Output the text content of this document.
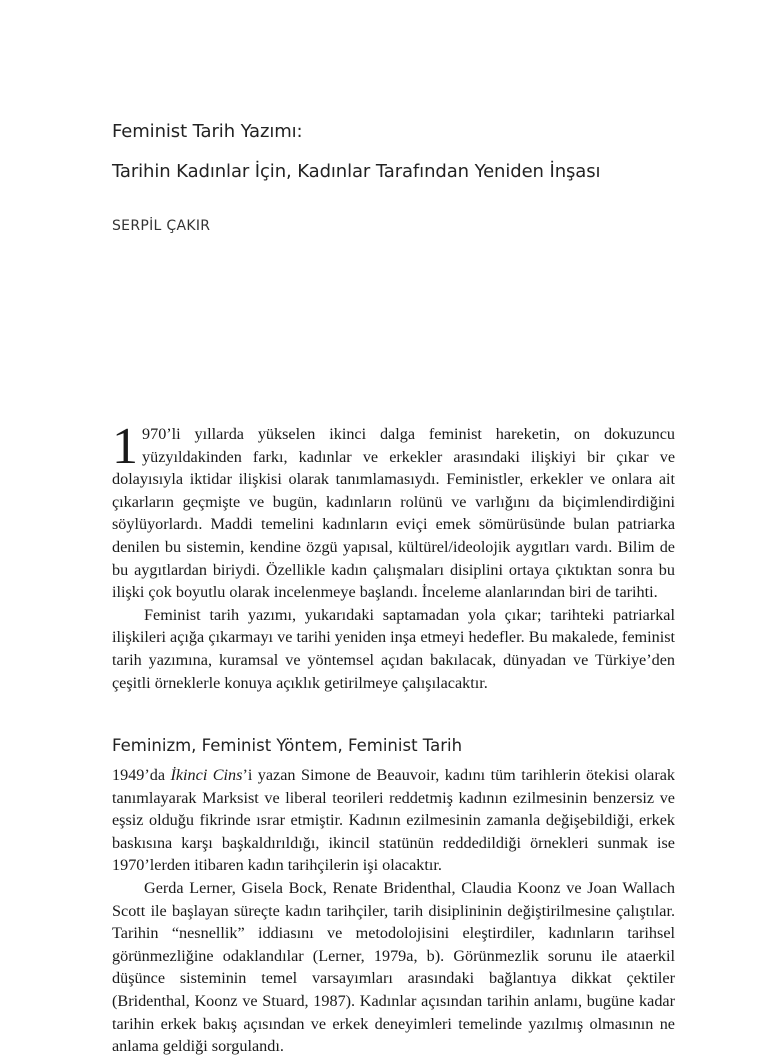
Feminist Tarih Yazımı:
Tarihin Kadınlar İçin, Kadınlar Tarafından Yeniden İnşası
SERPİL ÇAKIR

1 970’li yıllarda yükselen ikinci dalga feminist hareketin, on dokuzuncu yüzyıldakinden farkı, kadınlar ve erkekler arasındaki ilişkiyi bir çıkar ve dolayısıyla iktidar ilişkisi olarak tanımlamasıydı. Feministler, erkekler ve onlara ait çıkarların geçmişte ve bugün, kadınların rolünü ve varlığını da biçimlendirdiğini söylüyorlardı. Maddi temelini kadınların eviçi emek sömürüsünde bulan patriarka denilen bu sistemin, kendine özgü yapısal, kültürel/ideolojik aygıtları vardı. Bilim de bu aygıtlardan biriydi. Özellikle kadın çalışmaları disiplini ortaya çıktıktan sonra bu ilişki çok boyutlu olarak incelenmeye başlandı. İnceleme alanlarından biri de tarihti.

Feminist tarih yazımı, yukarıdaki saptamadan yola çıkar; tarihteki patriarkal ilişkileri açığa çıkarmayı ve tarihi yeniden inşa etmeyi hedefler. Bu makalede, feminist tarih yazımına, kuramsal ve yöntemsel açıdan bakılacak, dünyadan ve Türkiye’den çeşitli örneklerle konuya açıklık getirilmeye çalışılacaktır.

Feminizm, Feminist Yöntem, Feminist Tarih

1949’da İkinci Cins’i yazan Simone de Beauvoir, kadını tüm tarihlerin ötekisi olarak tanımlayarak Marksist ve liberal teorileri reddetmiş kadının ezilmesinin benzersiz ve eşsiz olduğu fikrinde ısrar etmiştir. Kadının ezilmesinin zamanla değişebildiği, erkek baskısına karşı başkaldırıldığı, ikincil statünün reddedildiği örnekleri sunmak ise 1970’lerden itibaren kadın tarihçilerin işi olacaktır.

Gerda Lerner, Gisela Bock, Renate Bridenthal, Claudia Koonz ve Joan Wallach Scott ile başlayan süreçte kadın tarihçiler, tarih disiplininin değiştirilmesine çalıştılar. Tarihin “nesnellik” iddiasını ve metodolojisini eleştirdiler, kadınların tarihsel görünmezliğine odaklandılar (Lerner, 1979a, b). Görünmezlik sorunu ile ataerkil düşünce sisteminin temel varsayımları arasındaki bağlantıya dikkat çektiler (Bridenthal, Koonz ve Stuard, 1987). Kadınlar açısından tarihin anlamı, bugüne kadar tarihin erkek bakış açısından ve erkek deneyimleri temelinde yazılmış olmasının ne anlama geldiği sorgulandı.
